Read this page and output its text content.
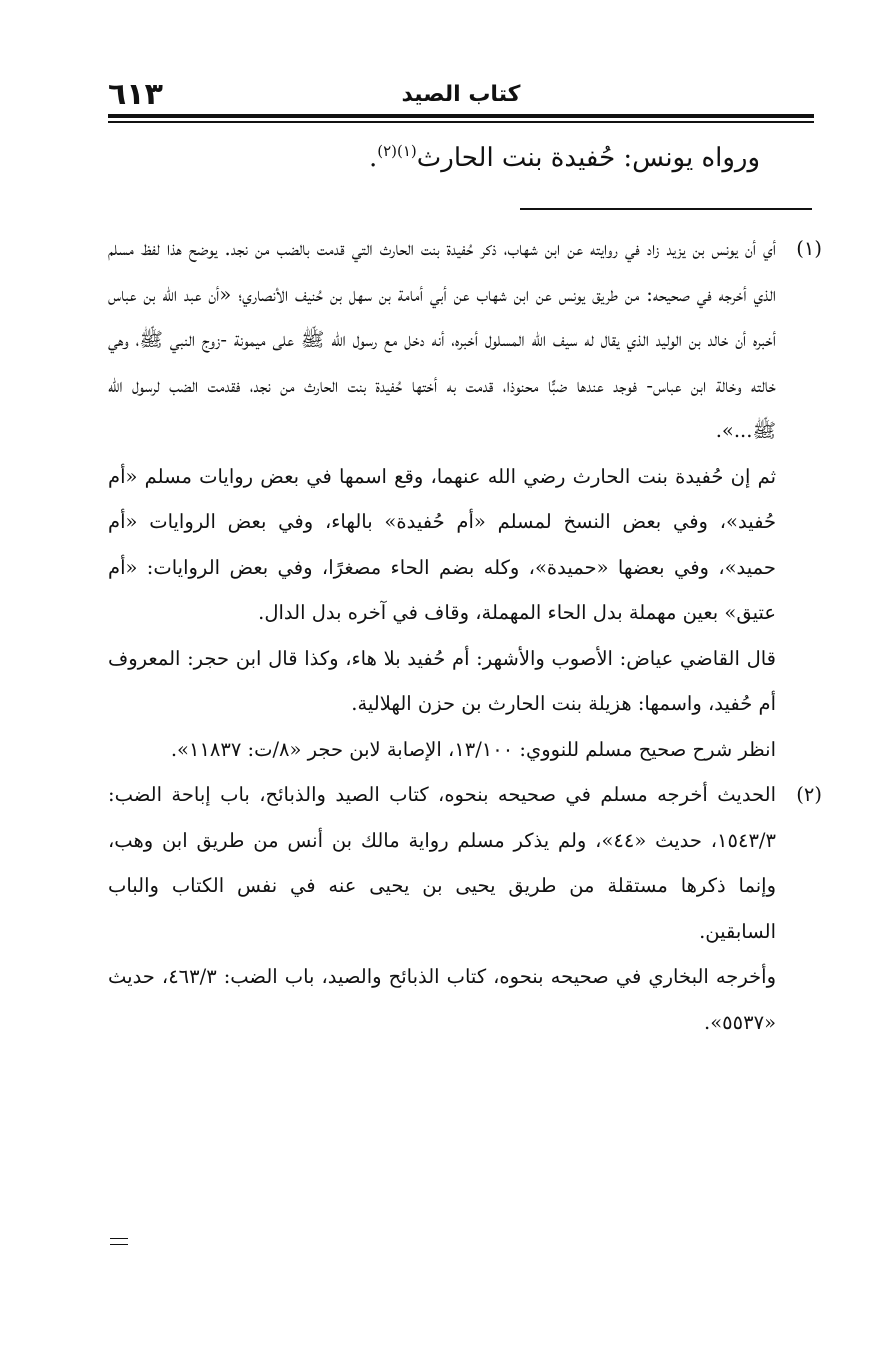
٦١٣	كتاب الصيد
ورواه يونس: حُفيدة بنت الحارث$^{(١)(٢)}$.
(١)

أي أن يونس بن يزيد زاد في روايته عن ابن شهاب، ذكر حُفيدة بنت الحارث التي قدمت بالضب من نجد. يوضح هذا لفظ مسلم الذي أخرجه في صحيحه: من طريق يونس عن ابن شهاب عن أبي أمامة بن سهل بن حُنيف الأنصاري؛ «أن عبد الله بن عباس أخبره أن خالد بن الوليد الذي يقال له سيف الله المسلول أخبره، أنه دخل مع رسول الله ﷺ على ميمونة -زوج النبي ﷺ، وهي خالته وخالة ابن عباس- فوجد عندها ضبًّا محنوذا، قدمت به أختها حُفيدة بنت الحارث من نجد، فقدمت الضب لرسول الله ﷺ...».

ثم إن حُفيدة بنت الحارث رضي الله عنهما، وقع اسمها في بعض روايات مسلم «أم حُفيد»، وفي بعض النسخ لمسلم «أم حُفيدة» بالهاء، وفي بعض الروايات «أم حميد»، وفي بعضها «حميدة»، وكله بضم الحاء مصغرًا، وفي بعض الروايات: «أم عتيق» بعين مهملة بدل الحاء المهملة، وقاف في آخره بدل الدال.

قال القاضي عياض: الأصوب والأشهر: أم حُفيد بلا هاء، وكذا قال ابن حجر: المعروف أم حُفيد، واسمها: هزيلة بنت الحارث بن حزن الهلالية.

انظر شرح صحيح مسلم للنووي: ١٣/١٠٠، الإصابة لابن حجر «٨/ت: ١١٨٣٧».

(٢)

الحديث أخرجه مسلم في صحيحه بنحوه، كتاب الصيد والذبائح، باب إباحة الضب: ١٥٤٣/٣، حديث «٤٤»، ولم يذكر مسلم رواية مالك بن أنس من طريق ابن وهب، وإنما ذكرها مستقلة من طريق يحيى بن يحيى عنه في نفس الكتاب والباب السابقين.

وأخرجه البخاري في صحيحه بنحوه، كتاب الذبائح والصيد، باب الضب: ٤٦٣/٣، حديث «٥٥٣٧».
